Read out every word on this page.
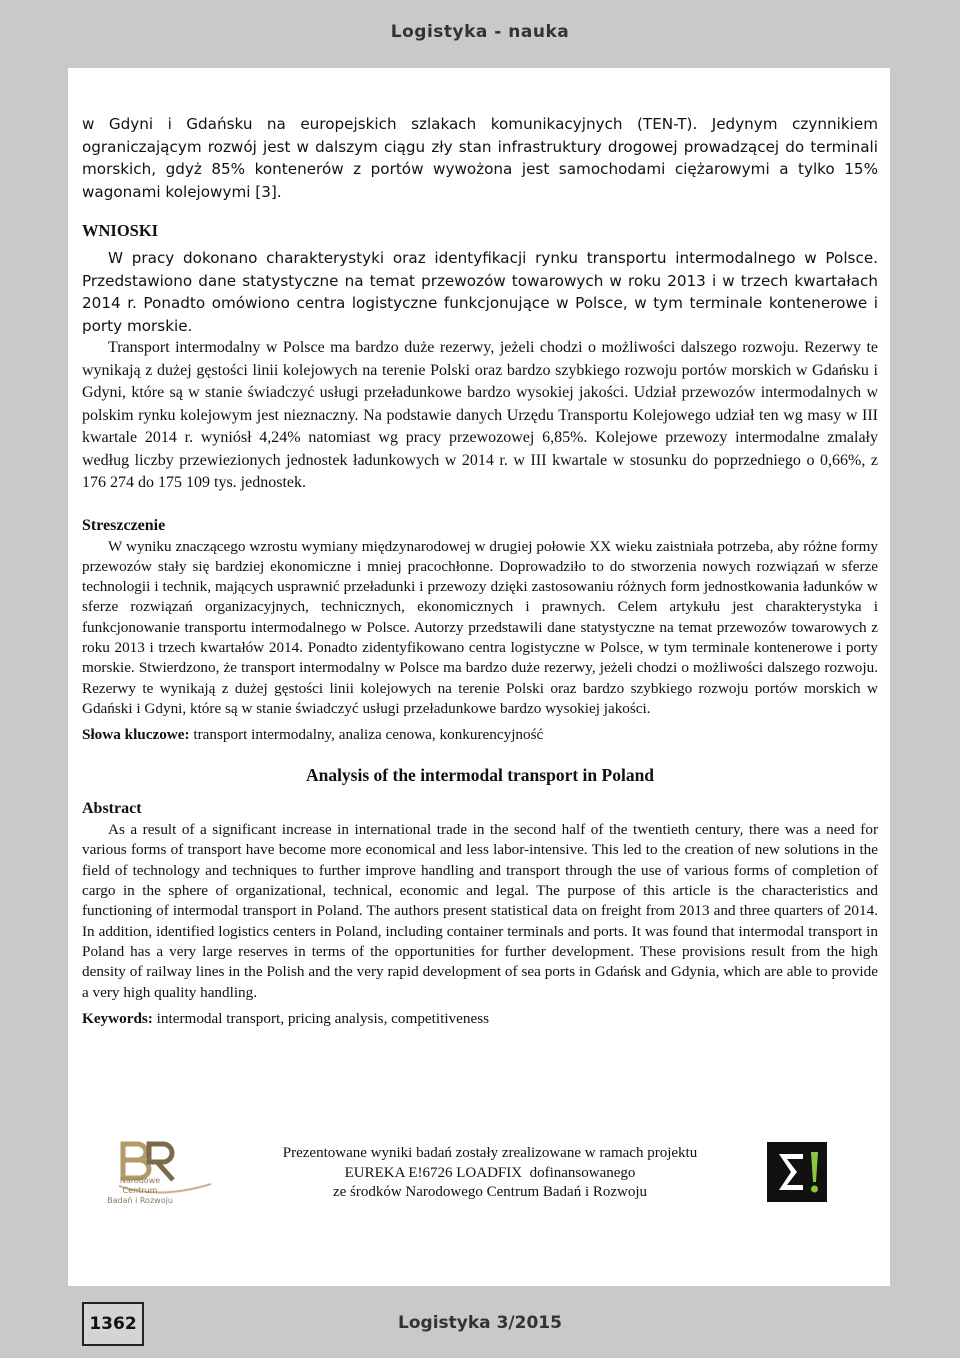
Logistyka - nauka

w Gdyni i Gdańsku na europejskich szlakach komunikacyjnych (TEN-T). Jedynym czynnikiem ograniczającym rozwój jest w dalszym ciągu zły stan infrastruktury drogowej prowadzącej do terminali morskich, gdyż 85% kontenerów z portów wywożona jest samochodami ciężarowymi a tylko 15% wagonami kolejowymi [3].

WNIOSKI

W pracy dokonano charakterystyki oraz identyfikacji rynku transportu intermodalnego w Polsce. Przedstawiono dane statystyczne na temat przewozów towarowych w roku 2013 i w trzech kwartałach 2014 r. Ponadto omówiono centra logistyczne funkcjonujące w Polsce, w tym terminale kontenerowe i porty morskie.

Transport intermodalny w Polsce ma bardzo duże rezerwy, jeżeli chodzi o możliwości dalszego rozwoju. Rezerwy te wynikają z dużej gęstości linii kolejowych na terenie Polski oraz bardzo szybkiego rozwoju portów morskich w Gdańsku i Gdyni, które są w stanie świadczyć usługi przeładunkowe bardzo wysokiej jakości. Udział przewozów intermodalnych w polskim rynku kolejowym jest nieznaczny. Na podstawie danych Urzędu Transportu Kolejowego udział ten wg masy w III kwartale 2014 r. wyniósł 4,24% natomiast wg pracy przewozowej 6,85%. Kolejowe przewozy intermodalne zmalały według liczby przewiezionych jednostek ładunkowych w 2014 r. w III kwartale w stosunku do poprzedniego o 0,66%, z 176 274 do 175 109 tys. jednostek.

Streszczenie

W wyniku znaczącego wzrostu wymiany międzynarodowej w drugiej połowie XX wieku zaistniała potrzeba, aby różne formy przewozów stały się bardziej ekonomiczne i mniej pracochłonne. Doprowadziło to do stworzenia nowych rozwiązań w sferze technologii i technik, mających usprawnić przeładunki i przewozy dzięki zastosowaniu różnych form jednostkowania ładunków w sferze rozwiązań organizacyjnych, technicznych, ekonomicznych i prawnych. Celem artykułu jest charakterystyka i funkcjonowanie transportu intermodalnego w Polsce. Autorzy przedstawili dane statystyczne na temat przewozów towarowych z roku 2013 i trzech kwartałów 2014. Ponadto zidentyfikowano centra logistyczne w Polsce, w tym terminale kontenerowe i porty morskie. Stwierdzono, że transport intermodalny w Polsce ma bardzo duże rezerwy, jeżeli chodzi o możliwości dalszego rozwoju. Rezerwy te wynikają z dużej gęstości linii kolejowych na terenie Polski oraz bardzo szybkiego rozwoju portów morskich w Gdański i Gdyni, które są w stanie świadczyć usługi przeładunkowe bardzo wysokiej jakości.

Słowa kluczowe: transport intermodalny, analiza cenowa, konkurencyjność

Analysis of the intermodal transport in Poland
Abstract

As a result of a significant increase in international trade in the second half of the twentieth century, there was a need for various forms of transport have become more economical and less labor-intensive. This led to the creation of new solutions in the field of technology and techniques to further improve handling and transport through the use of various forms of completion of cargo in the sphere of organizational, technical, economic and legal. The purpose of this article is the characteristics and functioning of intermodal transport in Poland. The authors present statistical data on freight from 2013 and three quarters of 2014. In addition, identified logistics centers in Poland, including container terminals and ports. It was found that intermodal transport in Poland has a very large reserves in terms of the opportunities for further development. These provisions result from the high density of railway lines in the Polish and the very rapid development of sea ports in Gdańsk and Gdynia, which are able to provide a very high quality handling.

Keywords: intermodal transport, pricing analysis, competitiveness

Narodowe Centrum
Badań i Rozwoju
Prezentowane wyniki badań zostały zrealizowane w ramach projektu
EUREKA E!6726 LOADFIX  dofinansowanego
ze środków Narodowego Centrum Badań i Rozwoju
1362	Logistyka 3/2015
